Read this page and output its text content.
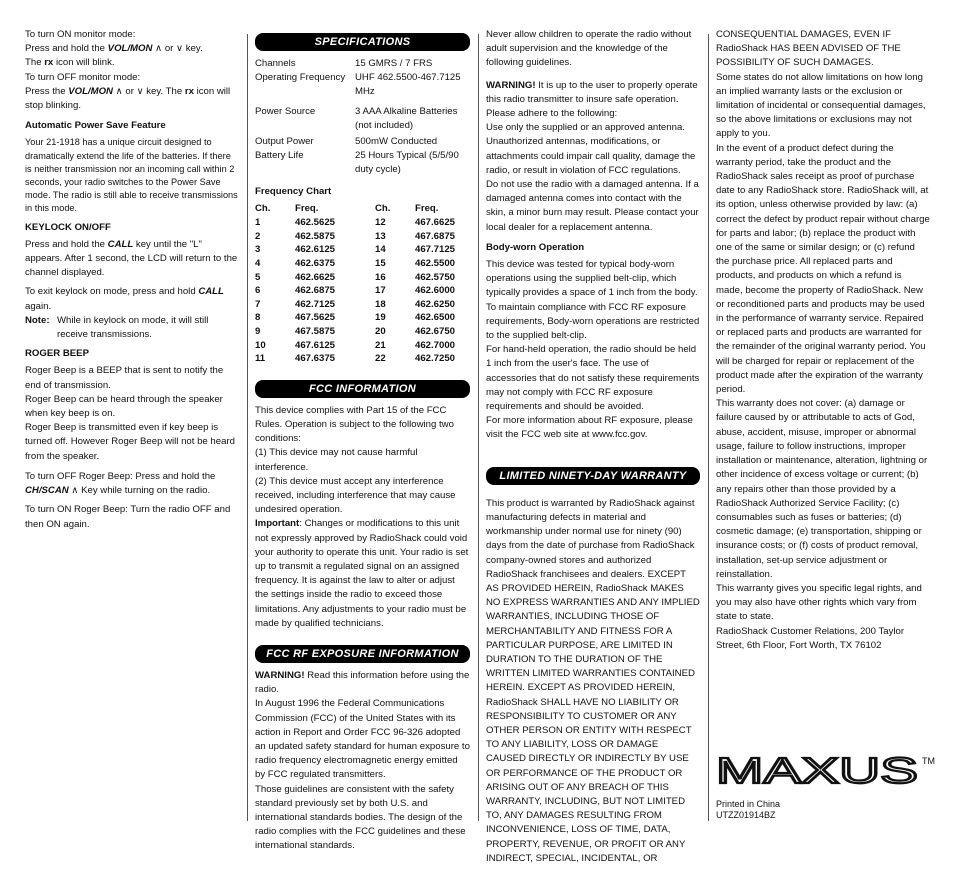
To turn ON monitor mode:
Press and hold the VOL/MON ∧ or ∨ key.
The rx icon will blink.
To turn OFF monitor mode:
Press the VOL/MON ∧ or ∨ key. The rx icon will stop blinking.
Automatic Power Save Feature

Your 21-1918 has a unique circuit designed to dramatically extend the life of the batteries. If there is neither transmission nor an incoming call within 2 seconds, your radio switches to the Power Save mode. The radio is still able to receive transmissions in this mode.

KEYLOCK ON/OFF

Press and hold the CALL key until the "L" appears. After 1 second, the LCD will return to the channel displayed.

To exit keylock on mode, press and hold CALL again.

Note: While in keylock on mode, it will still receive transmissions.
ROGER BEEP
Roger Beep is a BEEP that is sent to notify the end of transmission.
Roger Beep can be heard through the speaker when key beep is on.
Roger Beep is transmitted even if key beep is turned off. However Roger Beep will not be heard from the speaker.

To turn OFF Roger Beep: Press and hold the CH/SCAN ∧ Key while turning on the radio.

To turn ON Roger Beep: Turn the radio OFF and then ON again.

SPECIFICATIONS
Channels	15 GMRS / 7 FRS
Operating Frequency	UHF 462.5500-467.7125 MHz
Power Source	3 AAA Alkaline Batteries (not included)
Output Power	500mW Conducted
Battery Life	25 Hours Typical (5/5/90 duty cycle)
Frequency Chart
Ch.	Freq.	Ch.	Freq.
1	462.5625	12	467.6625
2	462.5875	13	467.6875
3	462.6125	14	467.7125
4	462.6375	15	462.5500
5	462.6625	16	462.5750
6	462.6875	17	462.6000
7	462.7125	18	462.6250
8	467.5625	19	462.6500
9	467.5875	20	462.6750
10	467.6125	21	462.7000
11	467.6375	22	462.7250
FCC INFORMATION
This device complies with Part 15 of the FCC Rules. Operation is subject to the following two conditions:
(1) This device may not cause harmful interference.
(2) This device must accept any interference received, including interference that may cause undesired operation.
Important: Changes or modifications to this unit not expressly approved by RadioShack could void your authority to operate this unit. Your radio is set up to transmit a regulated signal on an assigned frequency. It is against the law to alter or adjust the settings inside the radio to exceed those limitations. Any adjustments to your radio must be made by qualified technicians.
FCC RF EXPOSURE INFORMATION
WARNING! Read this information before using the radio.
In August 1996 the Federal Communications Commission (FCC) of the United States with its action in Report and Order FCC 96-326 adopted an updated safety standard for human exposure to radio frequency electromagnetic energy emitted by FCC regulated transmitters.
Those guidelines are consistent with the safety standard previously set by both U.S. and international standards bodies. The design of the radio complies with the FCC guidelines and these international standards.

Never allow children to operate the radio without adult supervision and the knowledge of the following guidelines.

WARNING! It is up to the user to properly operate this radio transmitter to insure safe operation. Please adhere to the following:
Use only the supplied or an approved antenna. Unauthorized antennas, modifications, or attachments could impair call quality, damage the radio, or result in violation of FCC regulations.
Do not use the radio with a damaged antenna. If a damaged antenna comes into contact with the skin, a minor burn may result. Please contact your local dealer for a replacement antenna.
Body-worn Operation
This device was tested for typical body-worn operations using the supplied belt-clip, which typically provides a space of 1 inch from the body. To maintain compliance with FCC RF exposure requirements, Body-worn operations are restricted to the supplied belt-clip.
For hand-held operation, the radio should be held 1 inch from the user's face. The use of accessories that do not satisfy these requirements may not comply with FCC RF exposure requirements and should be avoided.
For more information about RF exposure, please visit the FCC web site at www.fcc.gov.
LIMITED NINETY-DAY WARRANTY

This product is warranted by RadioShack against manufacturing defects in material and workmanship under normal use for ninety (90) days from the date of purchase from RadioShack company-owned stores and authorized RadioShack franchisees and dealers. EXCEPT AS PROVIDED HEREIN, RadioShack MAKES NO EXPRESS WARRANTIES AND ANY IMPLIED WARRANTIES, INCLUDING THOSE OF MERCHANTABILITY AND FITNESS FOR A PARTICULAR PURPOSE, ARE LIMITED IN DURATION TO THE DURATION OF THE WRITTEN LIMITED WARRANTIES CONTAINED HEREIN. EXCEPT AS PROVIDED HEREIN, RadioShack SHALL HAVE NO LIABILITY OR RESPONSIBILITY TO CUSTOMER OR ANY OTHER PERSON OR ENTITY WITH RESPECT TO ANY LIABILITY, LOSS OR DAMAGE CAUSED DIRECTLY OR INDIRECTLY BY USE OR PERFORMANCE OF THE PRODUCT OR ARISING OUT OF ANY BREACH OF THIS WARRANTY, INCLUDING, BUT NOT LIMITED TO, ANY DAMAGES RESULTING FROM INCONVENIENCE, LOSS OF TIME, DATA, PROPERTY, REVENUE, OR PROFIT OR ANY INDIRECT, SPECIAL, INCIDENTAL, OR

CONSEQUENTIAL DAMAGES, EVEN IF RadioShack HAS BEEN ADVISED OF THE POSSIBILITY OF SUCH DAMAGES.
Some states do not allow limitations on how long an implied warranty lasts or the exclusion or limitation of incidental or consequential damages, so the above limitations or exclusions may not apply to you.
In the event of a product defect during the warranty period, take the product and the RadioShack sales receipt as proof of purchase date to any RadioShack store. RadioShack will, at its option, unless otherwise provided by law: (a) correct the defect by product repair without charge for parts and labor; (b) replace the product with one of the same or similar design; or (c) refund the purchase price. All replaced parts and products, and products on which a refund is made, become the property of RadioShack. New or reconditioned parts and products may be used in the performance of warranty service. Repaired or replaced parts and products are warranted for the remainder of the original warranty period. You will be charged for repair or replacement of the product made after the expiration of the warranty period.
This warranty does not cover: (a) damage or failure caused by or attributable to acts of God, abuse, accident, misuse, improper or abnormal usage, failure to follow instructions, improper installation or maintenance, alteration, lightning or other incidence of excess voltage or current; (b) any repairs other than those provided by a RadioShack Authorized Service Facility; (c) consumables such as fuses or batteries; (d) cosmetic damage; (e) transportation, shipping or insurance costs; or (f) costs of product removal, installation, set-up service adjustment or reinstallation.
This warranty gives you specific legal rights, and you may also have other rights which vary from state to state.
RadioShack Customer Relations, 200 Taylor Street, 6th Floor, Fort Worth, TX 76102
MAXUS TM
Printed in China
UTZZ01914BZ
